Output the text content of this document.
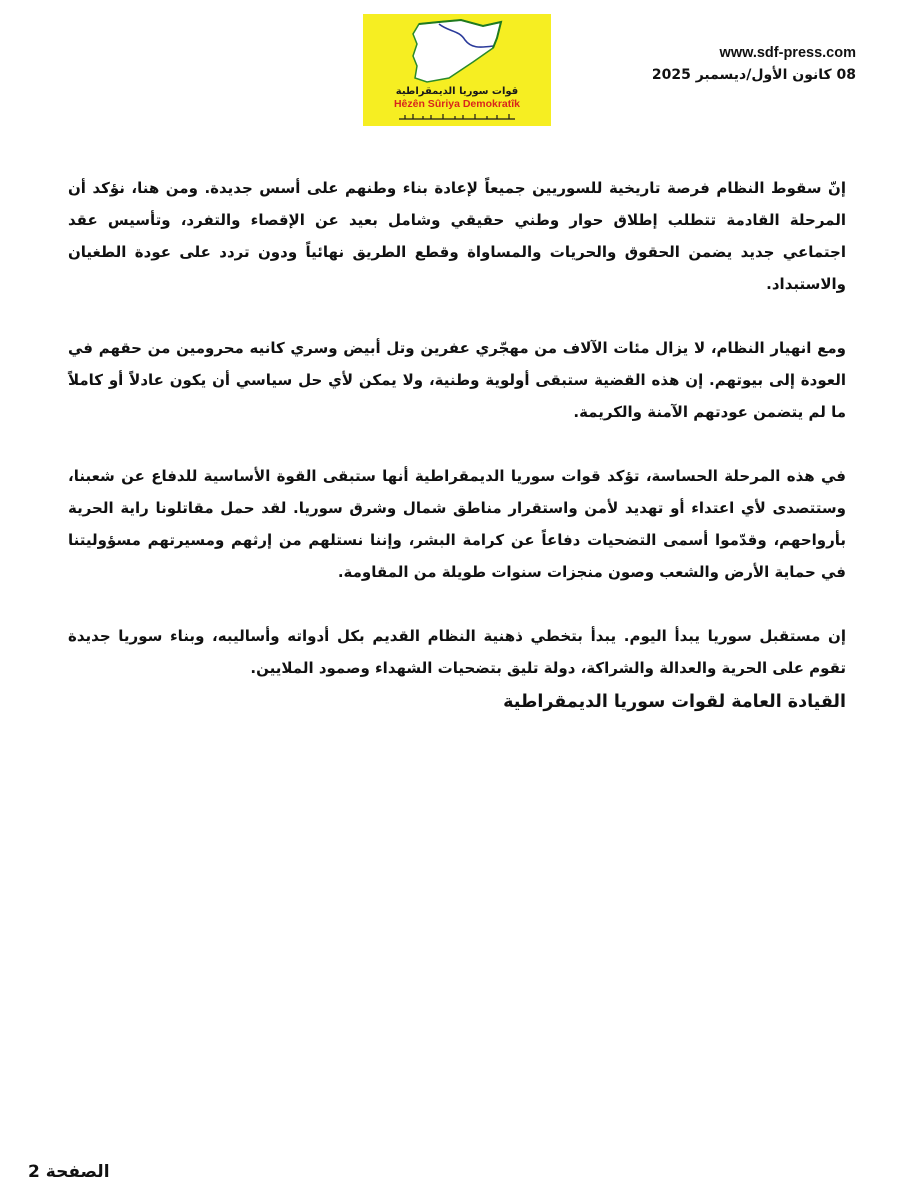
قوات سوريا الديمقراطية
Hêzên Sûriya Demokratîk
www.sdf-press.com
08 كانون الأول/ديسمبر 2025

إنّ سقوط النظام فرصة تاريخية للسوريين جميعاً لإعادة بناء وطنهم على أسس جديدة. ومن هنا، نؤكد أن المرحلة القادمة تتطلب إطلاق حوار وطني حقيقي وشامل بعيد عن الإقصاء والتفرد، وتأسيس عقد اجتماعي جديد يضمن الحقوق والحريات والمساواة وقطع الطريق نهائياً ودون تردد على عودة الطغيان والاستبداد.

ومع انهيار النظام، لا يزال مئات الآلاف من مهجّري عفرين وتل أبيض وسري كانيه محرومين من حقهم في العودة إلى بيوتهم. إن هذه القضية ستبقى أولوية وطنية، ولا يمكن لأي حل سياسي أن يكون عادلاً أو كاملاً ما لم يتضمن عودتهم الآمنة والكريمة.

في هذه المرحلة الحساسة، تؤكد قوات سوريا الديمقراطية أنها ستبقى القوة الأساسية للدفاع عن شعبنا، وستتصدى لأي اعتداء أو تهديد لأمن واستقرار مناطق شمال وشرق سوريا. لقد حمل مقاتلونا راية الحرية بأرواحهم، وقدّموا أسمى التضحيات دفاعاً عن كرامة البشر، وإننا نستلهم من إرثهم ومسيرتهم مسؤوليتنا في حماية الأرض والشعب وصون منجزات سنوات طويلة من المقاومة.

إن مستقبل سوريا يبدأ اليوم. يبدأ بتخطي ذهنية النظام القديم بكل أدواته وأساليبه، وبناء سوريا جديدة تقوم على الحرية والعدالة والشراكة، دولة تليق بتضحيات الشهداء وصمود الملايين.

القيادة العامة لقوات سوريا الديمقراطية
الصفحة 2
